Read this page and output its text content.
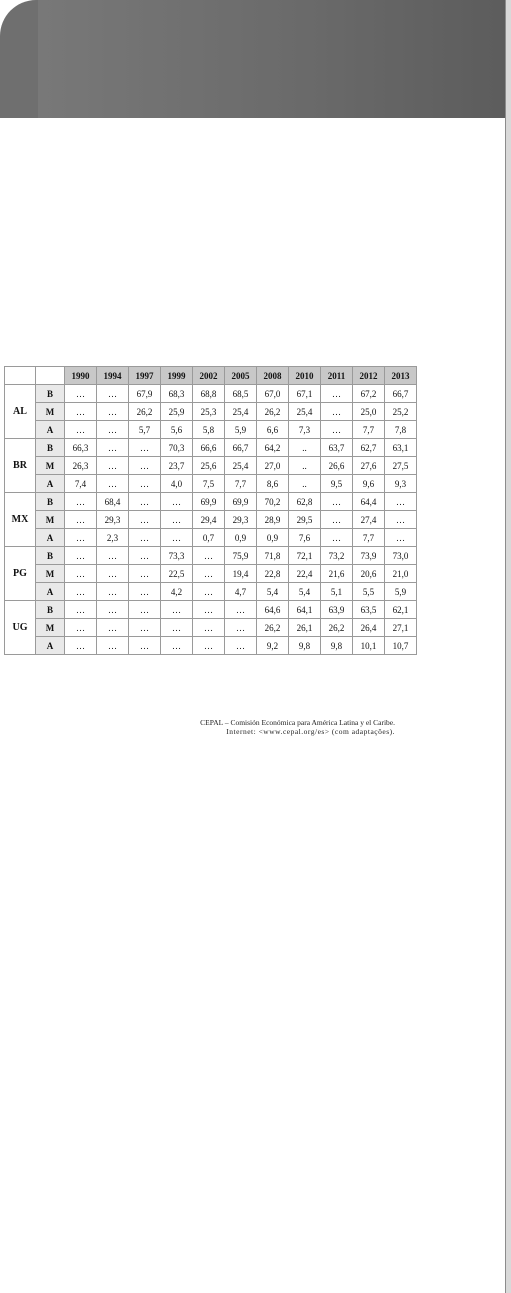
		1990	1994	1997	1999	2002	2005	2008	2010	2011	2012	2013
AL	B	…	…	67,9	68,3	68,8	68,5	67,0	67,1	…	67,2	66,7
	M	…	…	26,2	25,9	25,3	25,4	26,2	25,4	…	25,0	25,2
	A	…	…	5,7	5,6	5,8	5,9	6,6	7,3	…	7,7	7,8
BR	B	66,3	…	…	70,3	66,6	66,7	64,2	..	63,7	62,7	63,1
	M	26,3	…	…	23,7	25,6	25,4	27,0	..	26,6	27,6	27,5
	A	7,4	…	…	4,0	7,5	7,7	8,6	..	9,5	9,6	9,3
MX	B	…	68,4	…	…	69,9	69,9	70,2	62,8	…	64,4	…
	M	…	29,3	…	…	29,4	29,3	28,9	29,5	…	27,4	…
	A	…	2,3	…	…	0,7	0,9	0,9	7,6	…	7,7	…
PG	B	…	…	…	73,3	…	75,9	71,8	72,1	73,2	73,9	73,0
	M	…	…	…	22,5	…	19,4	22,8	22,4	21,6	20,6	21,0
	A	…	…	…	4,2	…	4,7	5,4	5,4	5,1	5,5	5,9
UG	B	…	…	…	…	…	…	64,6	64,1	63,9	63,5	62,1
	M	…	…	…	…	…	…	26,2	26,1	26,2	26,4	27,1
	A	…	…	…	…	…	…	9,2	9,8	9,8	10,1	10,7
CEPAL – Comisión Económica para América Latina y el Caribe.
Internet: <www.cepal.org/es> (com adaptações).
